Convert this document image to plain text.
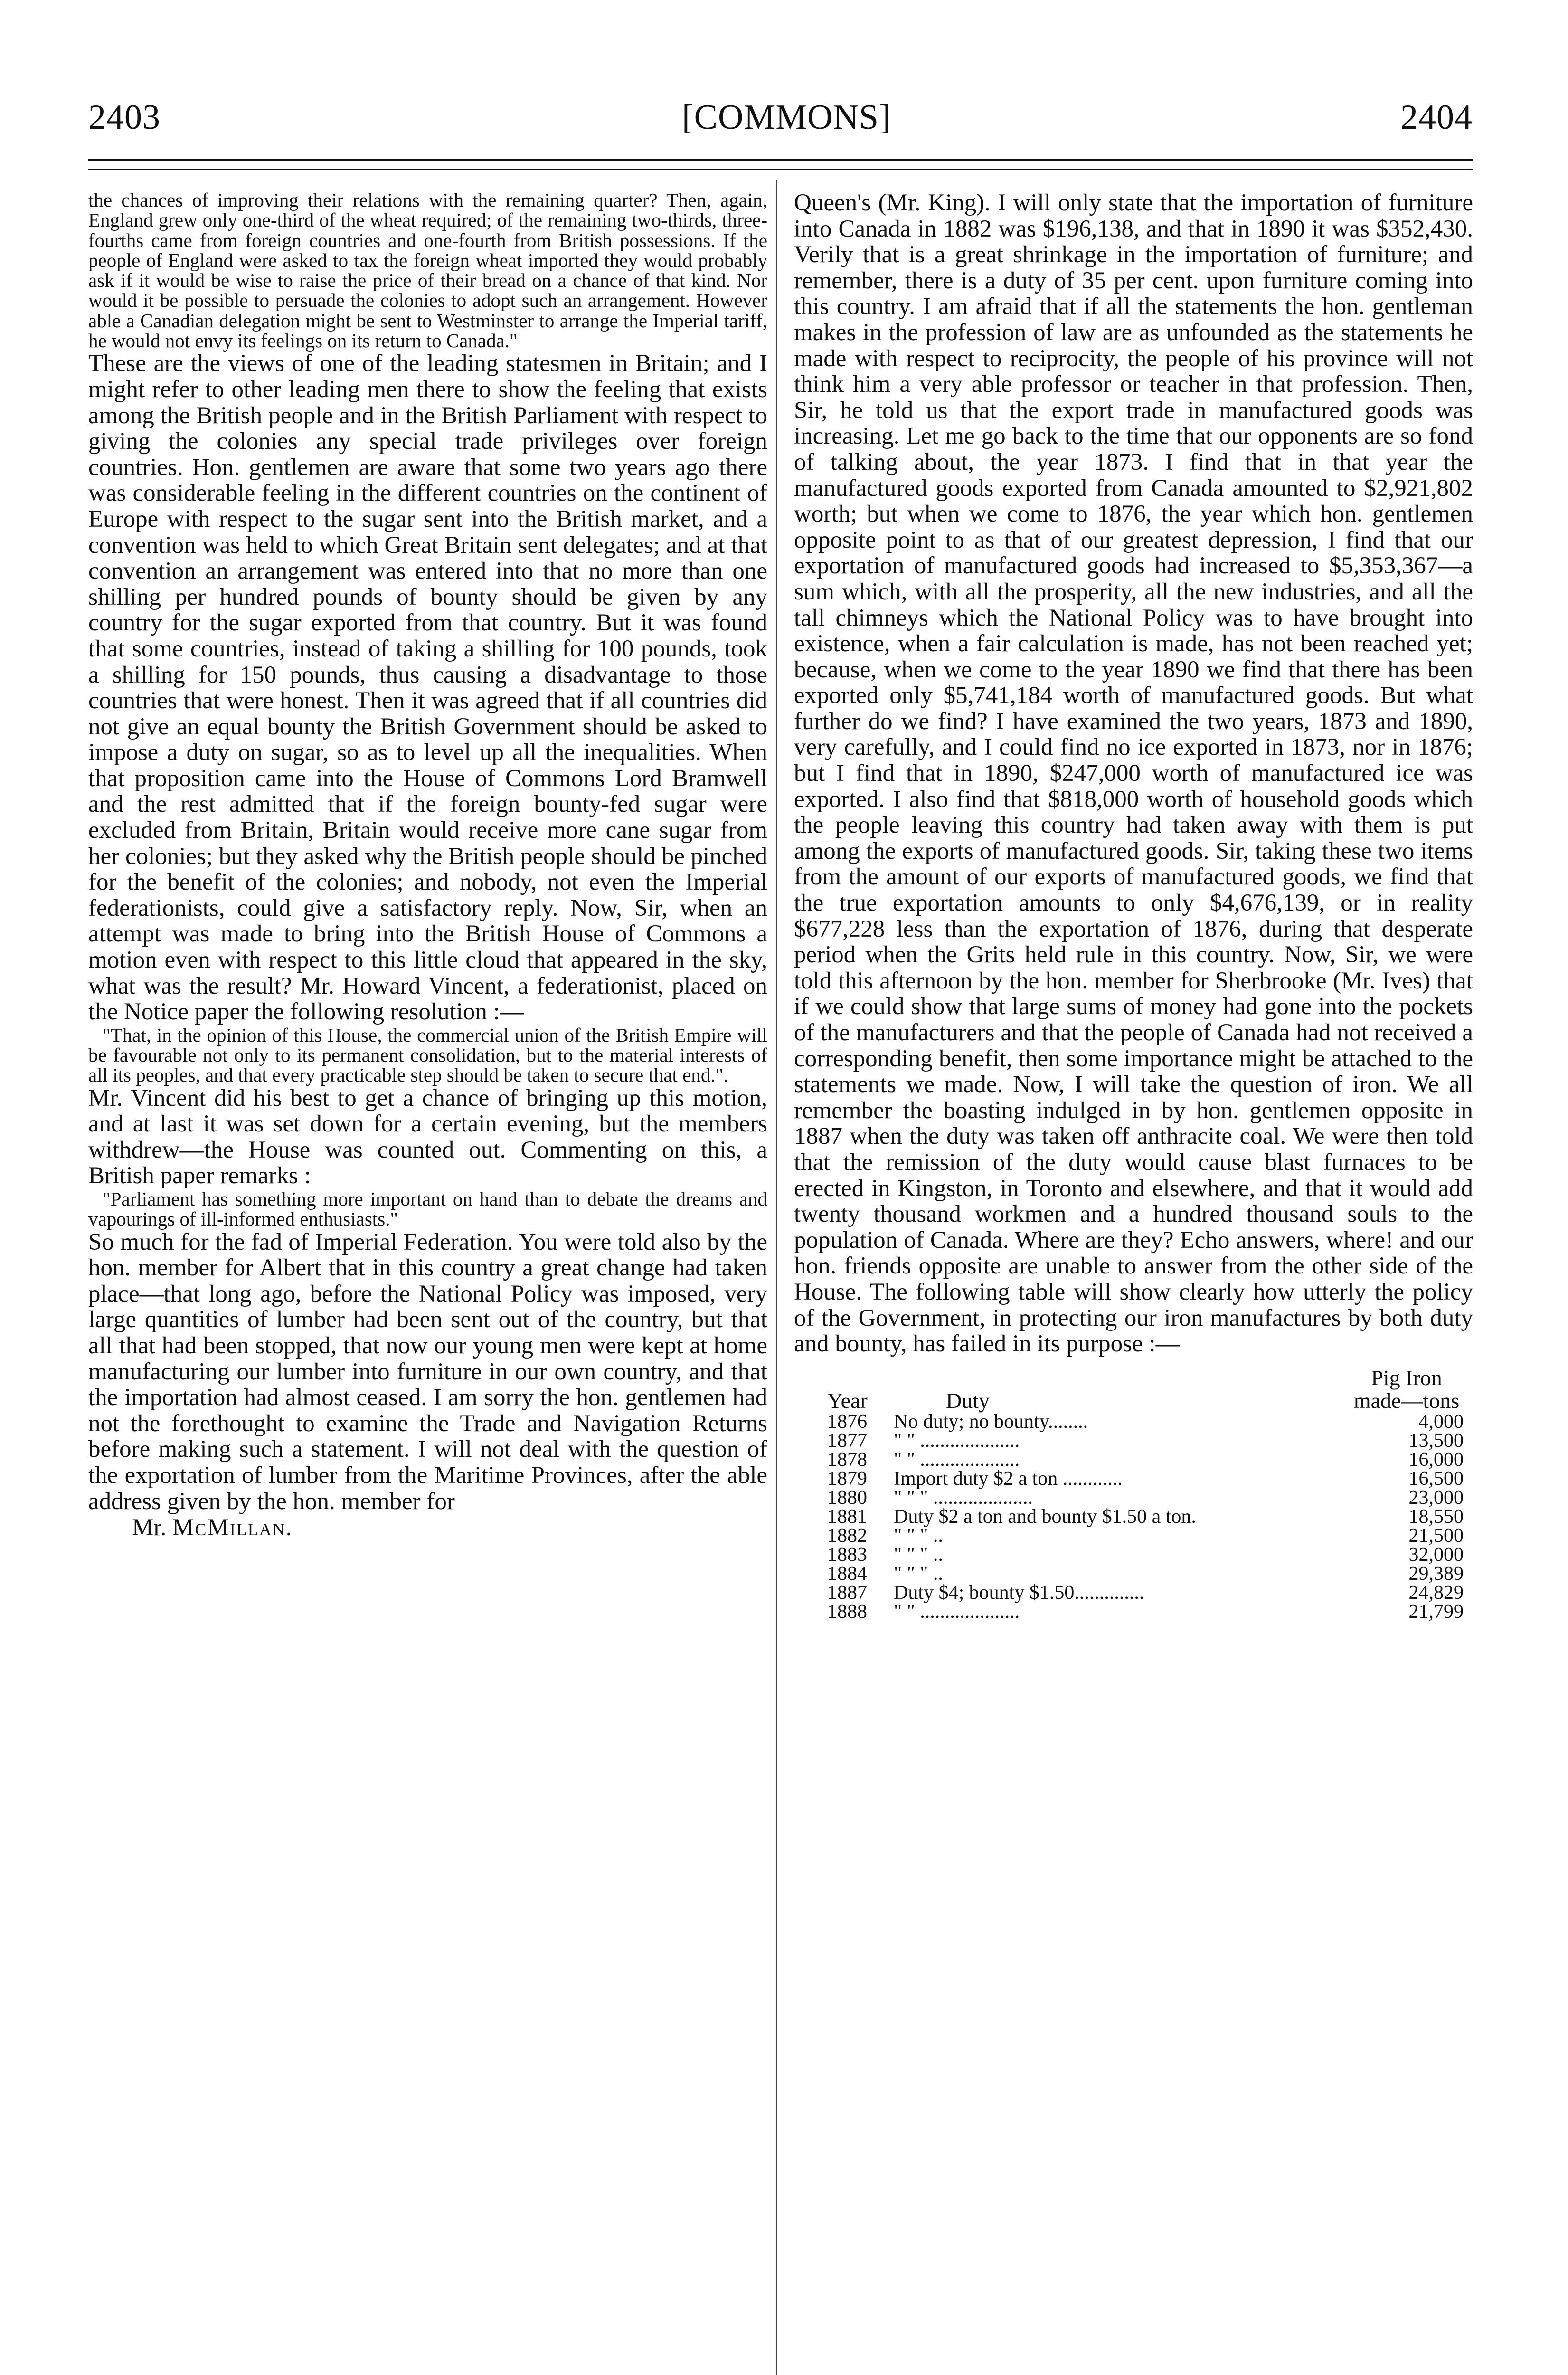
2403	[COMMONS]	2404

the chances of improving their relations with the remaining quarter? Then, again, England grew only one-third of the wheat required; of the remaining two-thirds, three-fourths came from foreign countries and one-fourth from British possessions. If the people of England were asked to tax the foreign wheat imported they would probably ask if it would be wise to raise the price of their bread on a chance of that kind. Nor would it be possible to persuade the colonies to adopt such an arrangement. However able a Canadian delegation might be sent to Westminster to arrange the Imperial tariff, he would not envy its feelings on its return to Canada."

These are the views of one of the leading statesmen in Britain; and I might refer to other leading men there to show the feeling that exists among the British people and in the British Parliament with respect to giving the colonies any special trade privileges over foreign countries. Hon. gentlemen are aware that some two years ago there was considerable feeling in the different countries on the continent of Europe with respect to the sugar sent into the British market, and a convention was held to which Great Britain sent delegates; and at that convention an arrangement was entered into that no more than one shilling per hundred pounds of bounty should be given by any country for the sugar exported from that country. But it was found that some countries, instead of taking a shilling for 100 pounds, took a shilling for 150 pounds, thus causing a disadvantage to those countries that were honest. Then it was agreed that if all countries did not give an equal bounty the British Government should be asked to impose a duty on sugar, so as to level up all the inequalities. When that proposition came into the House of Commons Lord Bramwell and the rest admitted that if the foreign bounty-fed sugar were excluded from Britain, Britain would receive more cane sugar from her colonies; but they asked why the British people should be pinched for the benefit of the colonies; and nobody, not even the Imperial federationists, could give a satisfactory reply. Now, Sir, when an attempt was made to bring into the British House of Commons a motion even with respect to this little cloud that appeared in the sky, what was the result? Mr. Howard Vincent, a federationist, placed on the Notice paper the following resolution :—

"That, in the opinion of this House, the commercial union of the British Empire will be favourable not only to its permanent consolidation, but to the material interests of all its peoples, and that every practicable step should be taken to secure that end.".

Mr. Vincent did his best to get a chance of bringing up this motion, and at last it was set down for a certain evening, but the members withdrew—the House was counted out. Commenting on this, a British paper remarks :

"Parliament has something more important on hand than to debate the dreams and vapourings of ill-informed enthusiasts."

So much for the fad of Imperial Federation. You were told also by the hon. member for Albert that in this country a great change had taken place—that long ago, before the National Policy was imposed, very large quantities of lumber had been sent out of the country, but that all that had been stopped, that now our young men were kept at home manufacturing our lumber into furniture in our own country, and that the importation had almost ceased. I am sorry the hon. gentlemen had not the forethought to examine the Trade and Navigation Returns before making such a statement. I will not deal with the question of the exportation of lumber from the Maritime Provinces, after the able address given by the hon. member for

Mr. McMillan.

Queen's (Mr. King). I will only state that the importation of furniture into Canada in 1882 was $196,138, and that in 1890 it was $352,430. Verily that is a great shrinkage in the importation of furniture; and remember, there is a duty of 35 per cent. upon furniture coming into this country. I am afraid that if all the statements the hon. gentleman makes in the profession of law are as unfounded as the statements he made with respect to reciprocity, the people of his province will not think him a very able professor or teacher in that profession. Then, Sir, he told us that the export trade in manufactured goods was increasing. Let me go back to the time that our opponents are so fond of talking about, the year 1873. I find that in that year the manufactured goods exported from Canada amounted to $2,921,802 worth; but when we come to 1876, the year which hon. gentlemen opposite point to as that of our greatest depression, I find that our exportation of manufactured goods had increased to $5,353,367—a sum which, with all the prosperity, all the new industries, and all the tall chimneys which the National Policy was to have brought into existence, when a fair calculation is made, has not been reached yet; because, when we come to the year 1890 we find that there has been exported only $5,741,184 worth of manufactured goods. But what further do we find? I have examined the two years, 1873 and 1890, very carefully, and I could find no ice exported in 1873, nor in 1876; but I find that in 1890, $247,000 worth of manufactured ice was exported. I also find that $818,000 worth of household goods which the people leaving this country had taken away with them is put among the exports of manufactured goods. Sir, taking these two items from the amount of our exports of manufactured goods, we find that the true exportation amounts to only $4,676,139, or in reality $677,228 less than the exportation of 1876, during that desperate period when the Grits held rule in this country. Now, Sir, we were told this afternoon by the hon. member for Sherbrooke (Mr. Ives) that if we could show that large sums of money had gone into the pockets of the manufacturers and that the people of Canada had not received a corresponding benefit, then some importance might be attached to the statements we made. Now, I will take the question of iron. We all remember the boasting indulged in by hon. gentlemen opposite in 1887 when the duty was taken off anthracite coal. We were then told that the remission of the duty would cause blast furnaces to be erected in Kingston, in Toronto and elsewhere, and that it would add twenty thousand workmen and a hundred thousand souls to the population of Canada. Where are they? Echo answers, where! and our hon. friends opposite are unable to answer from the other side of the House. The following table will show clearly how utterly the policy of the Government, in protecting our iron manufactures by both duty and bounty, has failed in its purpose :—

		Pig Iron
Year	Duty	made—tons
1876	No duty; no bounty........	4,000
1877	" " ....................	13,500
1878	" " ....................	16,000
1879	Import duty $2 a ton ............	16,500
1880	" " " ....................	23,000
1881	Duty $2 a ton and bounty $1.50 a ton.	18,550
1882	" " " ..	21,500
1883	" " " ..	32,000
1884	" " " ..	29,389
1887	Duty $4; bounty $1.50..............	24,829
1888	" " ....................	21,799
